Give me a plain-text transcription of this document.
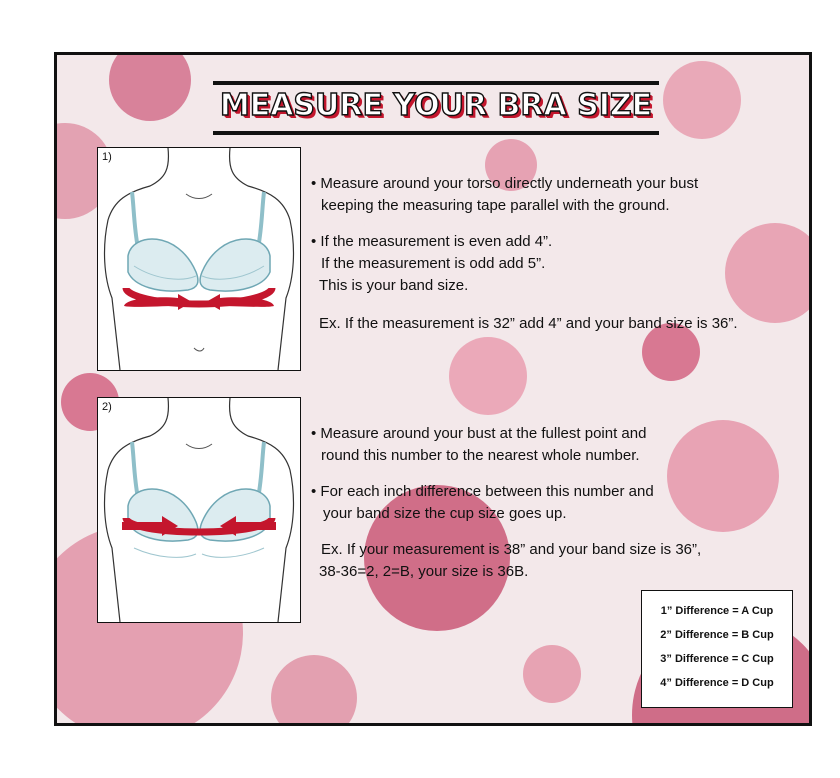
MEASURE YOUR BRA SIZE
1)
2)
• Measure around your torso directly underneath your bust
keeping the measuring tape parallel with the ground.
• If the measurement is even add 4”.
If the measurement is odd add 5”.
This is your band size.
Ex. If the measurement is 32” add 4” and your band size is 36”.
• Measure around your bust at the fullest point and
round this number to the nearest whole number.
• For each inch difference between this number and
your band size the cup size goes up.
Ex. If your measurement is 38” and your band size is 36”,
38-36=2, 2=B, your size is 36B.
1” Difference = A Cup
2” Difference = B Cup
3” Difference = C Cup
4” Difference = D Cup
